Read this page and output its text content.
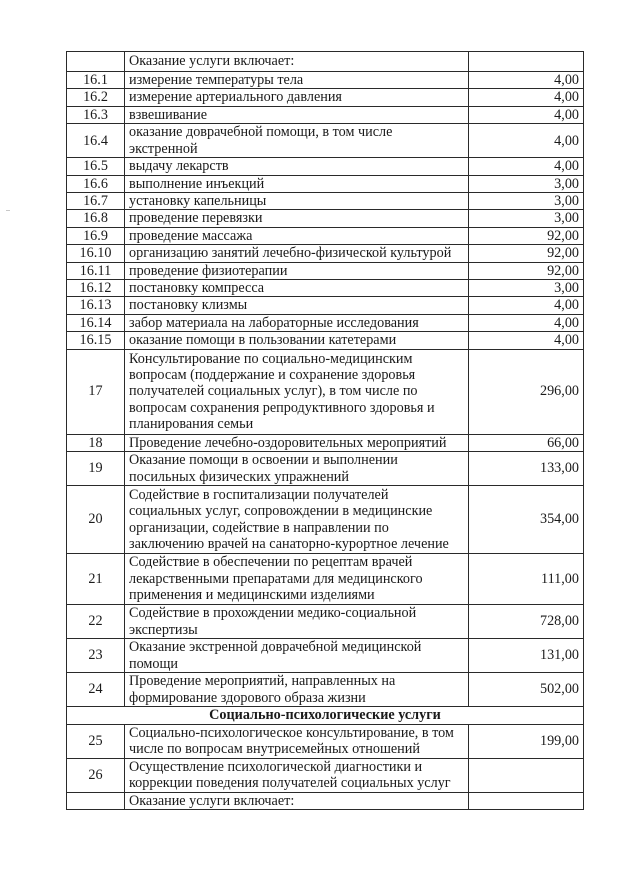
	Оказание услуги включает:	
16.1	измерение температуры тела	4,00
16.2	измерение артериального давления	4,00
16.3	взвешивание	4,00
16.4	оказание доврачебной помощи, в том числе экстренной	4,00
16.5	выдачу лекарств	4,00
16.6	выполнение инъекций	3,00
16.7	установку капельницы	3,00
16.8	проведение перевязки	3,00
16.9	проведение массажа	92,00
16.10	организацию занятий лечебно-физической культурой	92,00
16.11	проведение физиотерапии	92,00
16.12	постановку компресса	3,00
16.13	постановку клизмы	4,00
16.14	забор материала на лабораторные исследования	4,00
16.15	оказание помощи в пользовании катетерами	4,00
17	Консультирование по социально-медицинским вопросам (поддержание и сохранение здоровья получателей социальных услуг), в том числе по вопросам сохранения репродуктивного здоровья и планирования семьи	296,00
18	Проведение лечебно-оздоровительных мероприятий	66,00
19	Оказание помощи в освоении и выполнении посильных физических упражнений	133,00
20	Содействие в госпитализации получателей социальных услуг, сопровождении в медицинские организации, содействие в направлении по заключению врачей на санаторно-курортное лечение	354,00
21	Содействие в обеспечении по рецептам врачей лекарственными препаратами для медицинского применения и медицинскими изделиями	111,00
22	Содействие в прохождении медико-социальной экспертизы	728,00
23	Оказание экстренной доврачебной медицинской помощи	131,00
24	Проведение мероприятий, направленных на формирование здорового образа жизни	502,00
Социально-психологические услуги		
25	Социально-психологическое консультирование, в том числе по вопросам внутрисемейных отношений	199,00
26	Осуществление психологической диагностики и коррекции поведения получателей социальных услуг	
	Оказание услуги включает:	
